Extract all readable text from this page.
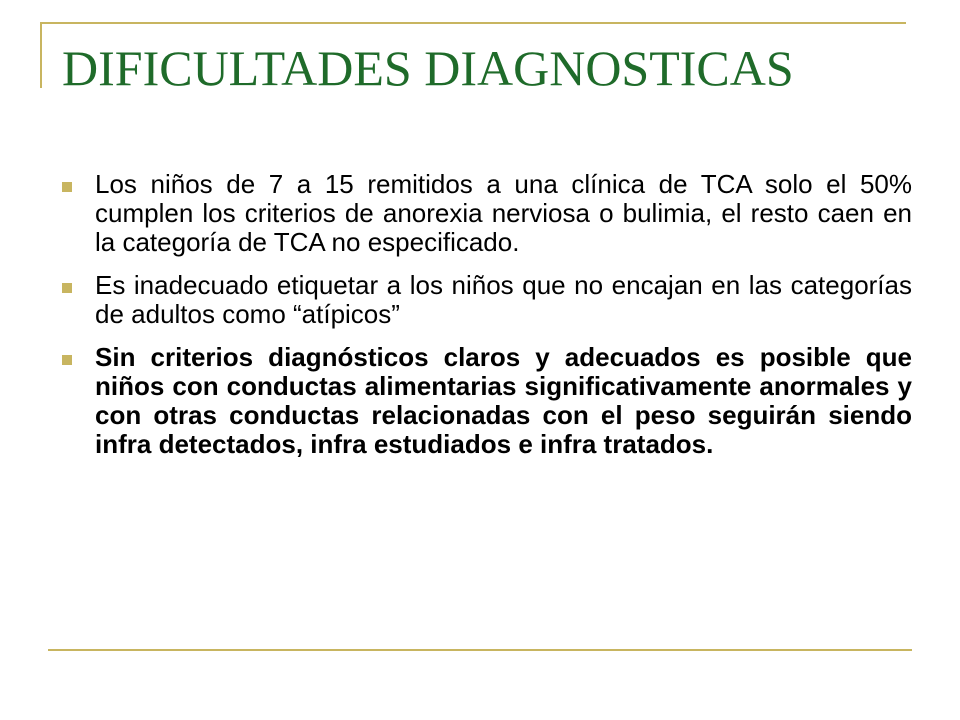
DIFICULTADES DIAGNOSTICAS

Los niños de 7 a 15 remitidos a una clínica de TCA solo el 50% cumplen los criterios de anorexia nerviosa o bulimia, el resto caen en la categoría de TCA no especificado.

Es inadecuado etiquetar a los niños que no encajan en las categorías de adultos como “atípicos”

Sin criterios diagnósticos claros y adecuados es posible que niños con conductas alimentarias significativamente anormales y con otras conductas relacionadas con el peso seguirán siendo infra detectados, infra estudiados e infra tratados.
